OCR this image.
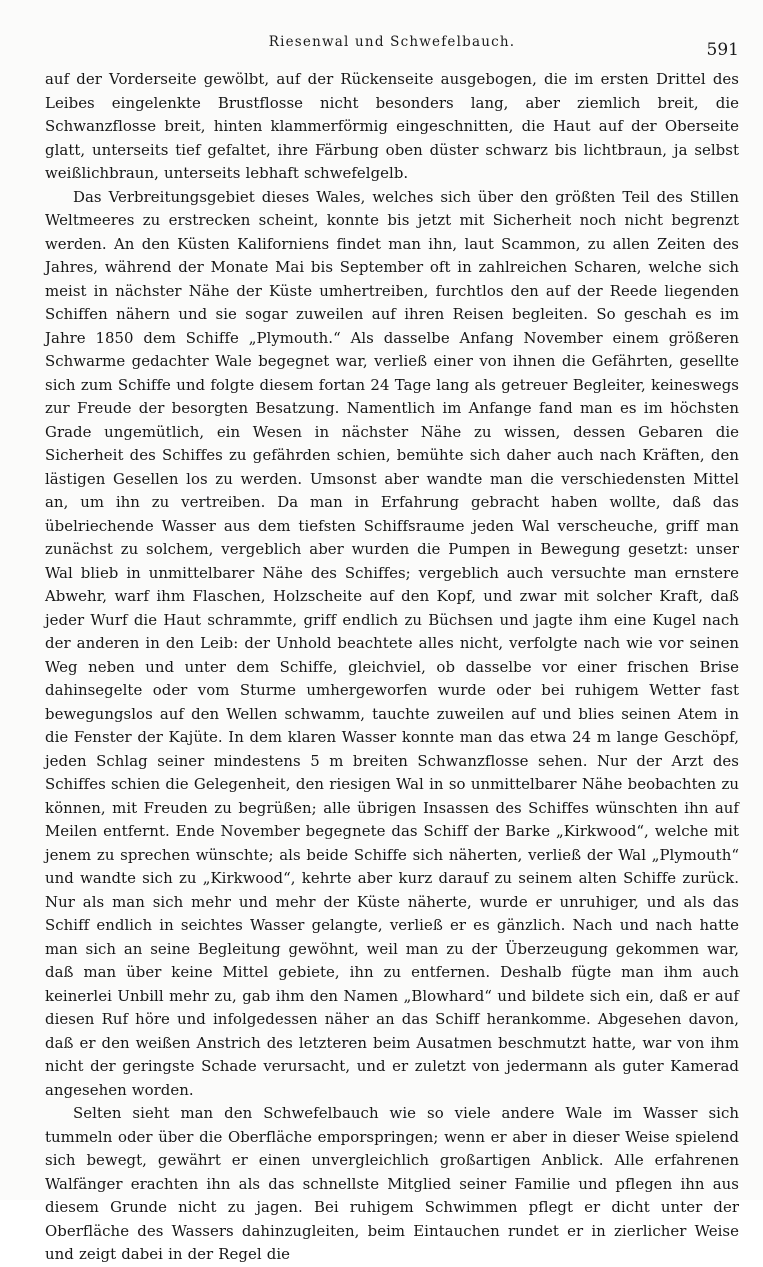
Riesenwal und Schwefelbauch.	591

auf der Vorderseite gewölbt, auf der Rückenseite ausgebogen, die im ersten Drittel des Leibes eingelenkte Brustflosse nicht besonders lang, aber ziemlich breit, die Schwanzflosse breit, hinten klammerförmig eingeschnitten, die Haut auf der Oberseite glatt, unterseits tief gefaltet, ihre Färbung oben düster schwarz bis lichtbraun, ja selbst weißlichbraun, unterseits lebhaft schwefelgelb.

Das Verbreitungsgebiet dieses Wales, welches sich über den größten Teil des Stillen Weltmeeres zu erstrecken scheint, konnte bis jetzt mit Sicherheit noch nicht begrenzt werden. An den Küsten Kaliforniens findet man ihn, laut Scammon, zu allen Zeiten des Jahres, während der Monate Mai bis September oft in zahlreichen Scharen, welche sich meist in nächster Nähe der Küste umhertreiben, furchtlos den auf der Reede liegenden Schiffen nähern und sie sogar zuweilen auf ihren Reisen begleiten. So geschah es im Jahre 1850 dem Schiffe „Plymouth.“ Als dasselbe Anfang November einem größeren Schwarme gedachter Wale begegnet war, verließ einer von ihnen die Gefährten, gesellte sich zum Schiffe und folgte diesem fortan 24 Tage lang als getreuer Begleiter, keineswegs zur Freude der besorgten Besatzung. Namentlich im Anfange fand man es im höchsten Grade ungemütlich, ein Wesen in nächster Nähe zu wissen, dessen Gebaren die Sicherheit des Schiffes zu gefährden schien, bemühte sich daher auch nach Kräften, den lästigen Gesellen los zu werden. Umsonst aber wandte man die verschiedensten Mittel an, um ihn zu vertreiben. Da man in Erfahrung gebracht haben wollte, daß das übelriechende Wasser aus dem tiefsten Schiffsraume jeden Wal verscheuche, griff man zunächst zu solchem, vergeblich aber wurden die Pumpen in Bewegung gesetzt: unser Wal blieb in unmittelbarer Nähe des Schiffes; vergeblich auch versuchte man ernstere Abwehr, warf ihm Flaschen, Holzscheite auf den Kopf, und zwar mit solcher Kraft, daß jeder Wurf die Haut schrammte, griff endlich zu Büchsen und jagte ihm eine Kugel nach der anderen in den Leib: der Unhold beachtete alles nicht, verfolgte nach wie vor seinen Weg neben und unter dem Schiffe, gleichviel, ob dasselbe vor einer frischen Brise dahinsegelte oder vom Sturme umhergeworfen wurde oder bei ruhigem Wetter fast bewegungslos auf den Wellen schwamm, tauchte zuweilen auf und blies seinen Atem in die Fenster der Kajüte. In dem klaren Wasser konnte man das etwa 24 m lange Geschöpf, jeden Schlag seiner mindestens 5 m breiten Schwanzflosse sehen. Nur der Arzt des Schiffes schien die Gelegenheit, den riesigen Wal in so unmittelbarer Nähe beobachten zu können, mit Freuden zu begrüßen; alle übrigen Insassen des Schiffes wünschten ihn auf Meilen entfernt. Ende November begegnete das Schiff der Barke „Kirkwood“, welche mit jenem zu sprechen wünschte; als beide Schiffe sich näherten, verließ der Wal „Plymouth“ und wandte sich zu „Kirkwood“, kehrte aber kurz darauf zu seinem alten Schiffe zurück. Nur als man sich mehr und mehr der Küste näherte, wurde er unruhiger, und als das Schiff endlich in seichtes Wasser gelangte, verließ er es gänzlich. Nach und nach hatte man sich an seine Begleitung gewöhnt, weil man zu der Überzeugung gekommen war, daß man über keine Mittel gebiete, ihn zu entfernen. Deshalb fügte man ihm auch keinerlei Unbill mehr zu, gab ihm den Namen „Blowhard“ und bildete sich ein, daß er auf diesen Ruf höre und infolgedessen näher an das Schiff herankomme. Abgesehen davon, daß er den weißen Anstrich des letzteren beim Ausatmen beschmutzt hatte, war von ihm nicht der geringste Schade verursacht, und er zuletzt von jedermann als guter Kamerad angesehen worden.

Selten sieht man den Schwefelbauch wie so viele andere Wale im Wasser sich tummeln oder über die Oberfläche emporspringen; wenn er aber in dieser Weise spielend sich bewegt, gewährt er einen unvergleichlich großartigen Anblick. Alle erfahrenen Walfänger erachten ihn als das schnellste Mitglied seiner Familie und pflegen ihn aus diesem Grunde nicht zu jagen. Bei ruhigem Schwimmen pflegt er dicht unter der Oberfläche des Wassers dahinzugleiten, beim Eintauchen rundet er in zierlicher Weise und zeigt dabei in der Regel die
